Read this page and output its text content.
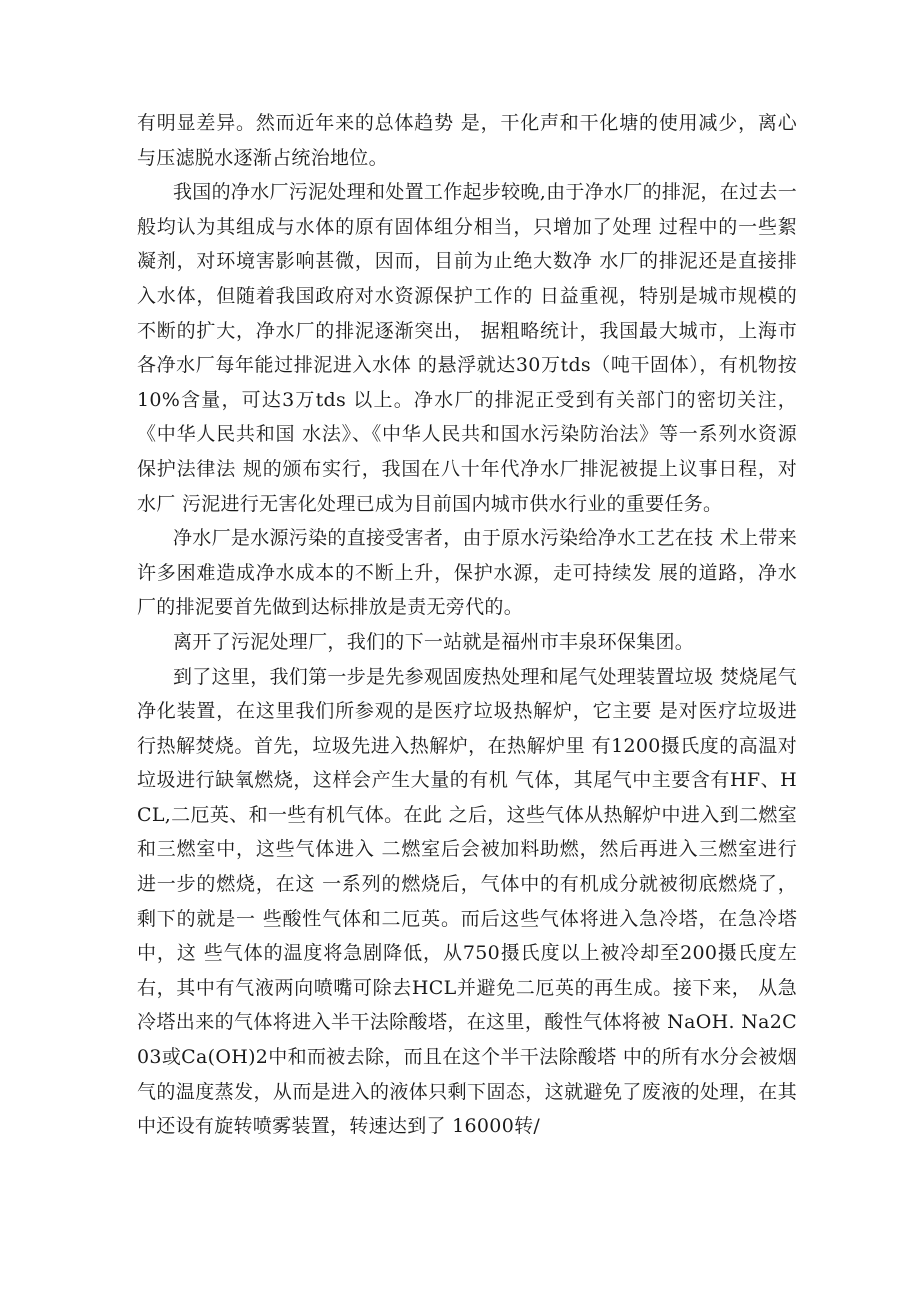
有明显差异。然而近年来的总体趋势 是，干化声和干化塘的使用减少，离心与压滤脱水逐渐占统治地位。

我国的净水厂污泥处理和处置工作起步较晚,由于净水厂的排泥，在过去一般均认为其组成与水体的原有固体组分相当，只增加了处理 过程中的一些絮凝剂，对环境害影响甚微，因而，目前为止绝大数净 水厂的排泥还是直接排入水体，但随着我国政府对水资源保护工作的 日益重视，特别是城市规模的不断的扩大，净水厂的排泥逐渐突出， 据粗略统计，我国最大城市，上海市各净水厂每年能过排泥进入水体 的悬浮就达30万tds（吨干固体），有机物按10%含量，可达3万tds 以上。净水厂的排泥正受到有关部门的密切关注，《中华人民共和国 水法》、《中华人民共和国水污染防治法》等一系列水资源保护法律法 规的颁布实行，我国在八十年代净水厂排泥被提上议事日程，对水厂 污泥进行无害化处理已成为目前国内城市供水行业的重要任务。

净水厂是水源污染的直接受害者，由于原水污染给净水工艺在技 术上带来许多困难造成净水成本的不断上升，保护水源，走可持续发 展的道路，净水厂的排泥要首先做到达标排放是责无旁代的。

离开了污泥处理厂，我们的下一站就是福州市丰泉环保集团。

到了这里，我们第一步是先参观固废热处理和尾气处理装置垃圾 焚烧尾气净化装置，在这里我们所参观的是医疗垃圾热解炉，它主要 是对医疗垃圾进行热解焚烧。首先，垃圾先进入热解炉，在热解炉里 有1200摄氏度的高温对垃圾进行缺氧燃烧，这样会产生大量的有机 气体，其尾气中主要含有HF、HCL,二厄英、和一些有机气体。在此 之后，这些气体从热解炉中进入到二燃室和三燃室中，这些气体进入 二燃室后会被加料助燃，然后再进入三燃室进行进一步的燃烧，在这 一系列的燃烧后，气体中的有机成分就被彻底燃烧了，剩下的就是一 些酸性气体和二厄英。而后这些气体将进入急冷塔，在急冷塔中，这 些气体的温度将急剧降低，从750摄氏度以上被冷却至200摄氏度左 右，其中有气液两向喷嘴可除去HCL并避免二厄英的再生成。接下来， 从急冷塔出来的气体将进入半干法除酸塔，在这里，酸性气体将被 NaOH. Na2C03或Ca(OH)2中和而被去除，而且在这个半干法除酸塔 中的所有水分会被烟气的温度蒸发，从而是进入的液体只剩下固态，这就避免了废液的处理，在其中还设有旋转喷雾装置，转速达到了 16000转/
